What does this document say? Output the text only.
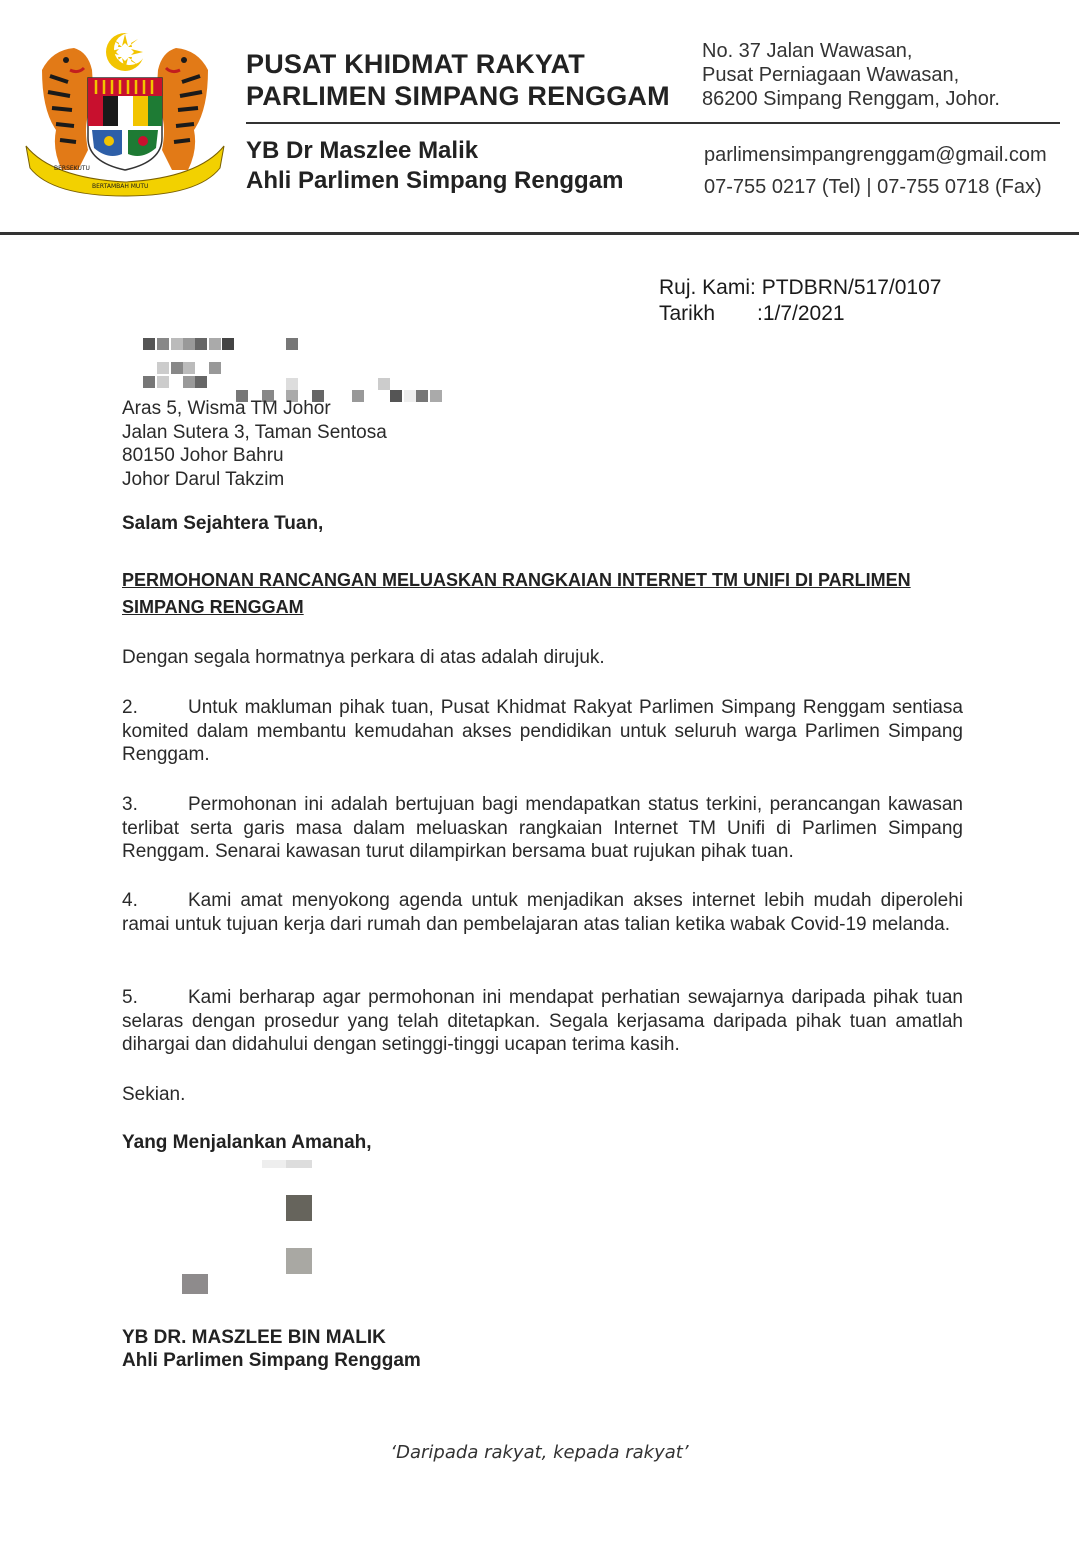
BERSEKUTU
BERTAMBAH MUTU
PUSAT KHIDMAT RAKYAT
PARLIMEN SIMPANG RENGGAM
No. 37 Jalan Wawasan,
Pusat Perniagaan Wawasan,
86200 Simpang Renggam, Johor.
YB Dr Maszlee Malik
Ahli Parlimen Simpang Renggam
parlimensimpangrenggam@gmail.com
07-755 0217 (Tel) | 07-755 0718 (Fax)
Ruj. Kami: PTDBRN/517/0107
Tarikh :1/7/2021
Aras 5, Wisma TM Johor
Jalan Sutera 3, Taman Sentosa
80150 Johor Bahru
Johor Darul Takzim
Salam Sejahtera Tuan,
PERMOHONAN RANCANGAN MELUASKAN RANGKAIAN INTERNET TM UNIFI DI PARLIMEN SIMPANG RENGGAM
Dengan segala hormatnya perkara di atas adalah dirujuk.
2.	Untuk makluman pihak tuan, Pusat Khidmat Rakyat Parlimen Simpang Renggam sentiasa komited dalam membantu kemudahan akses pendidikan untuk seluruh warga Parlimen Simpang Renggam.
3.	Permohonan ini adalah bertujuan bagi mendapatkan status terkini, perancangan kawasan terlibat serta garis masa dalam meluaskan rangkaian Internet TM Unifi di Parlimen Simpang Renggam. Senarai kawasan turut dilampirkan bersama buat rujukan pihak tuan.
4.	Kami amat menyokong agenda untuk menjadikan akses internet lebih mudah diperolehi ramai untuk tujuan kerja dari rumah dan pembelajaran atas talian ketika wabak Covid-19 melanda.
5.	Kami berharap agar permohonan ini mendapat perhatian sewajarnya daripada pihak tuan selaras dengan prosedur yang telah ditetapkan. Segala kerjasama daripada pihak tuan amatlah dihargai dan didahului dengan setinggi-tinggi ucapan terima kasih.
Sekian.
Yang Menjalankan Amanah,
YB DR. MASZLEE BIN MALIK
Ahli Parlimen Simpang Renggam
‘Daripada rakyat, kepada rakyat’
